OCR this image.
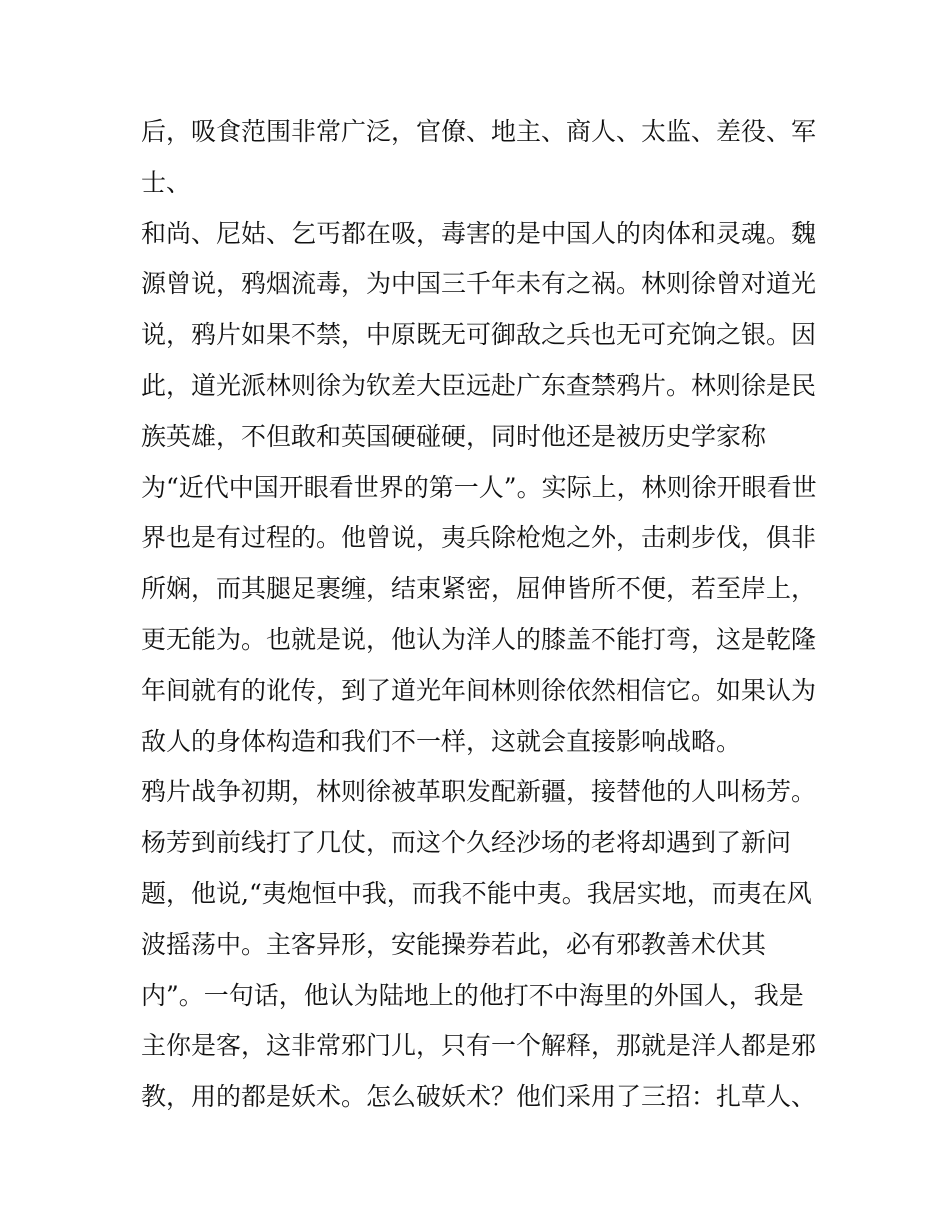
后，吸食范围非常广泛，官僚、地主、商人、太监、差役、军
士、
和尚、尼姑、乞丐都在吸，毒害的是中国人的肉体和灵魂。魏
源曾说，鸦烟流毒，为中国三千年未有之祸。林则徐曾对道光
说，鸦片如果不禁，中原既无可御敌之兵也无可充饷之银。因
此，道光派林则徐为钦差大臣远赴广东查禁鸦片。林则徐是民
族英雄，不但敢和英国硬碰硬，同时他还是被历史学家称
为“近代中国开眼看世界的第一人”。实际上，林则徐开眼看世
界也是有过程的。他曾说，夷兵除枪炮之外，击刺步伐，俱非
所娴，而其腿足裹缠，结束紧密，屈伸皆所不便，若至岸上，
更无能为。也就是说，他认为洋人的膝盖不能打弯，这是乾隆
年间就有的讹传，到了道光年间林则徐依然相信它。如果认为
敌人的身体构造和我们不一样，这就会直接影响战略。
鸦片战争初期，林则徐被革职发配新疆，接替他的人叫杨芳。
杨芳到前线打了几仗，而这个久经沙场的老将却遇到了新问
题，他说,“夷炮恒中我，而我不能中夷。我居实地，而夷在风
波摇荡中。主客异形，安能操券若此，必有邪教善术伏其
内”。一句话，他认为陆地上的他打不中海里的外国人，我是
主你是客，这非常邪门儿，只有一个解释，那就是洋人都是邪
教，用的都是妖术。怎么破妖术？他们采用了三招：扎草人、
